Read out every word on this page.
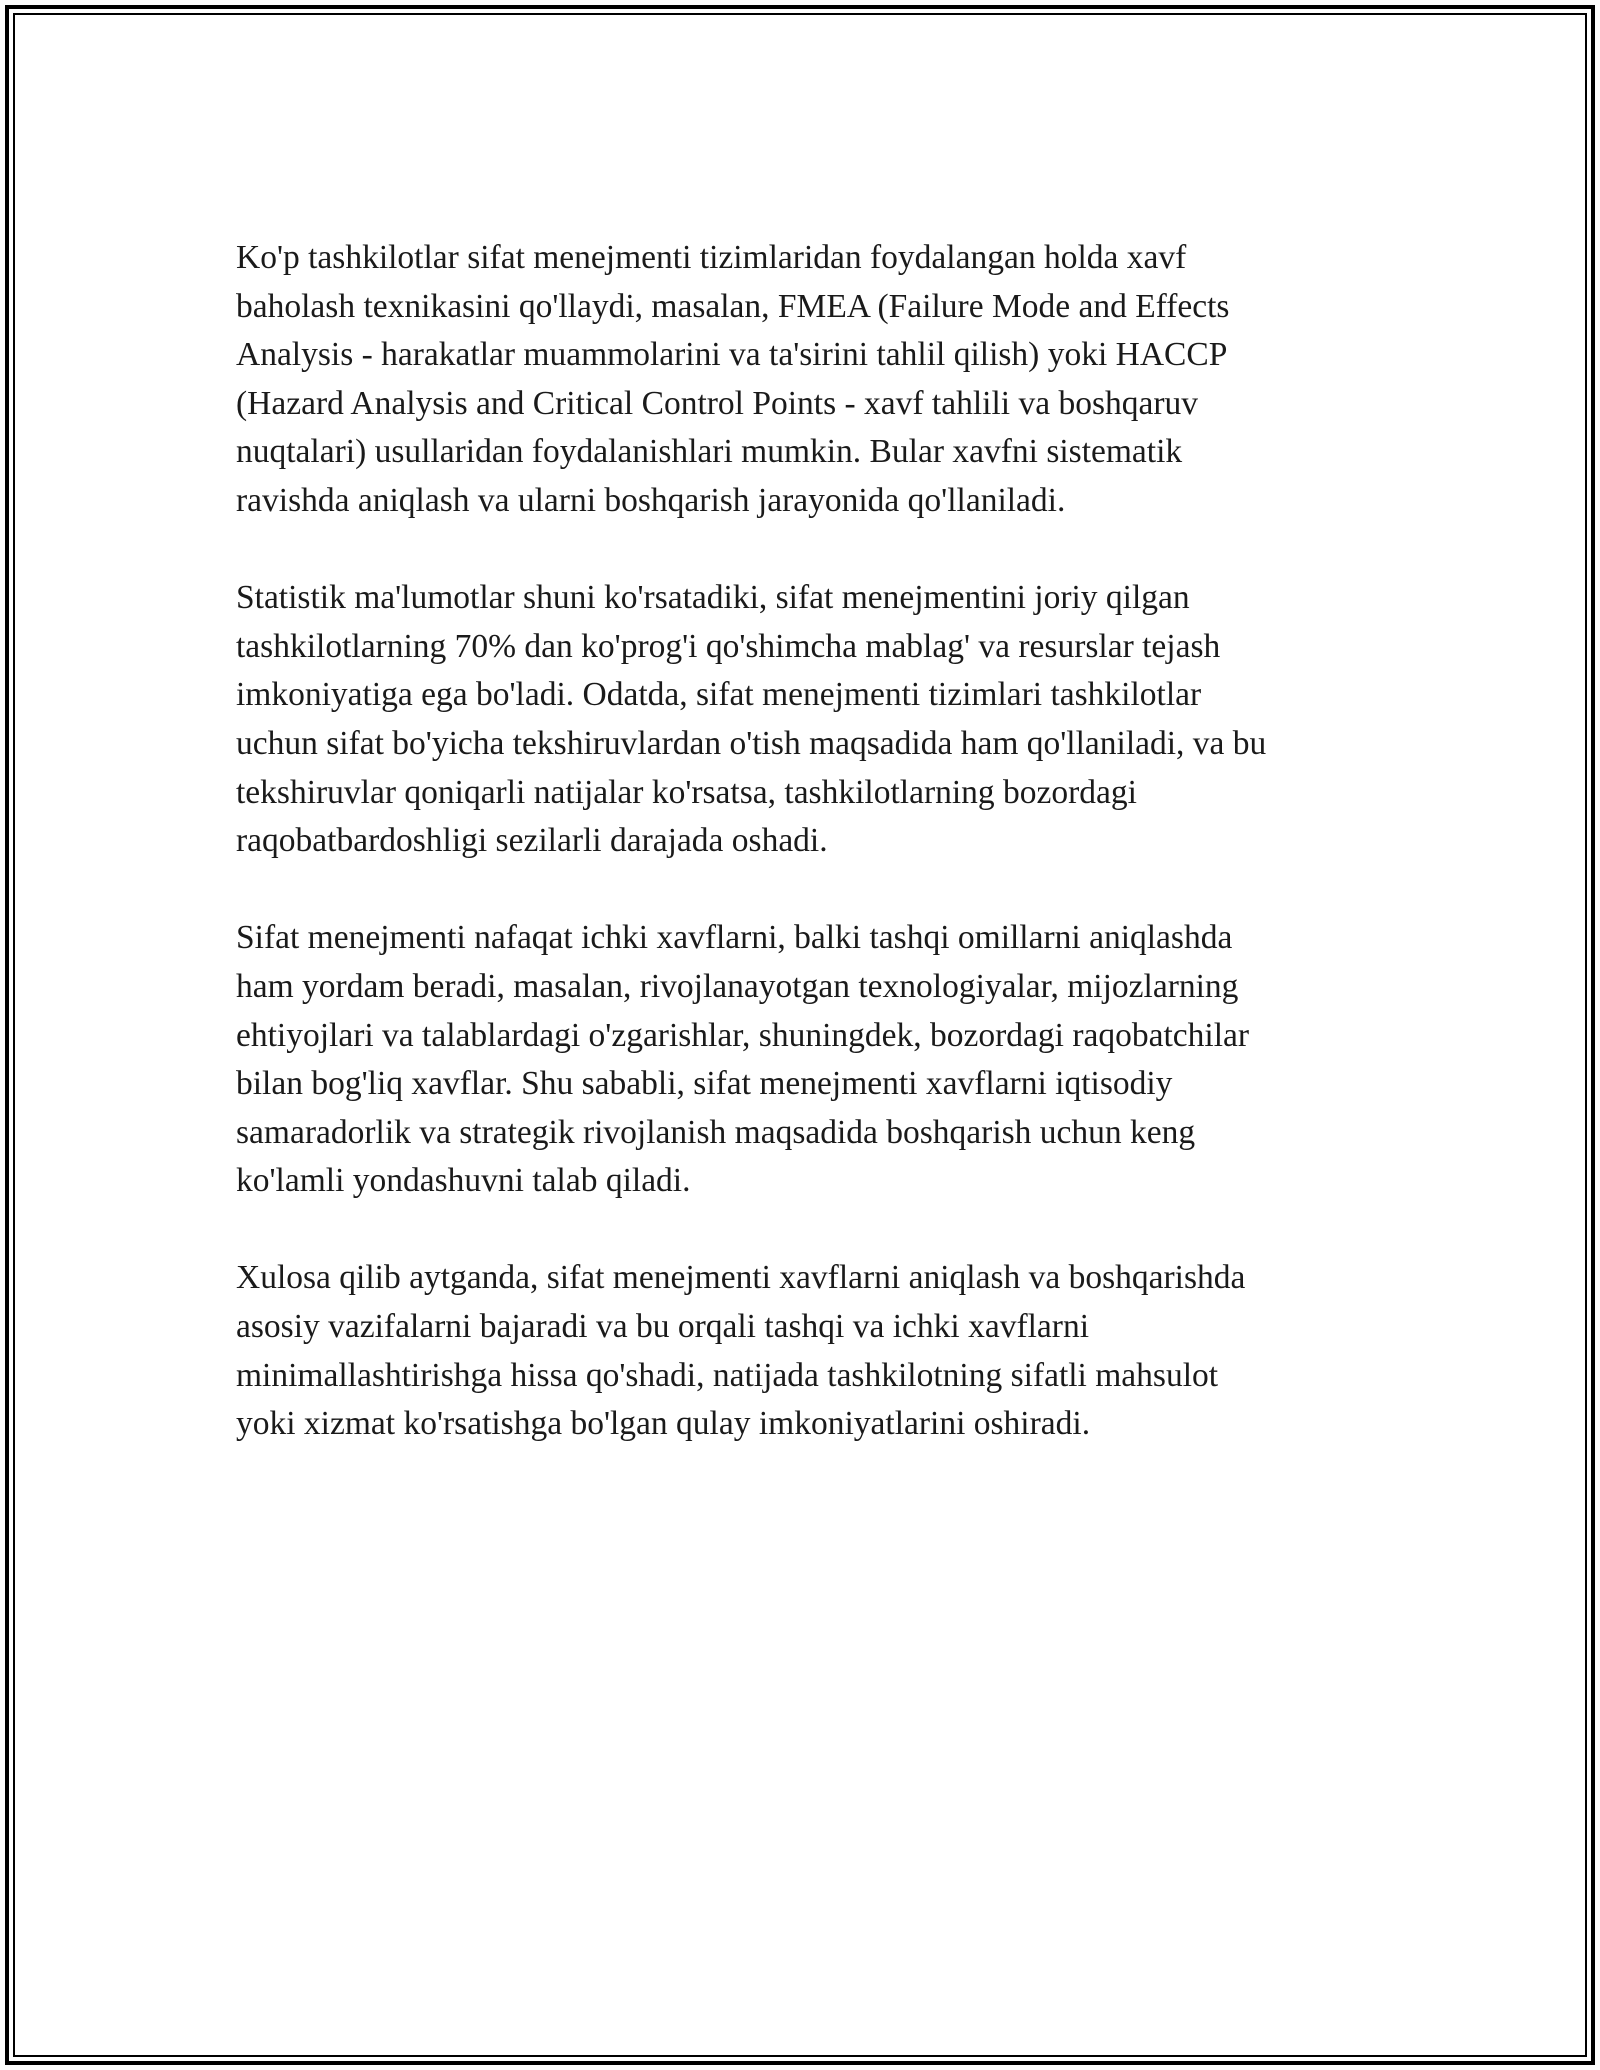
Ko'p tashkilotlar sifat menejmenti tizimlaridan foydalangan holda xavf
baholash texnikasini qo'llaydi, masalan, FMEA (Failure Mode and Effects
Analysis - harakatlar muammolarini va ta'sirini tahlil qilish) yoki HACCP
(Hazard Analysis and Critical Control Points - xavf tahlili va boshqaruv
nuqtalari) usullaridan foydalanishlari mumkin. Bular xavfni sistematik
ravishda aniqlash va ularni boshqarish jarayonida qo'llaniladi.

Statistik ma'lumotlar shuni ko'rsatadiki, sifat menejmentini joriy qilgan
tashkilotlarning 70% dan ko'prog'i qo'shimcha mablag' va resurslar tejash
imkoniyatiga ega bo'ladi. Odatda, sifat menejmenti tizimlari tashkilotlar
uchun sifat bo'yicha tekshiruvlardan o'tish maqsadida ham qo'llaniladi, va bu
tekshiruvlar qoniqarli natijalar ko'rsatsa, tashkilotlarning bozordagi
raqobatbardoshligi sezilarli darajada oshadi.

Sifat menejmenti nafaqat ichki xavflarni, balki tashqi omillarni aniqlashda
ham yordam beradi, masalan, rivojlanayotgan texnologiyalar, mijozlarning
ehtiyojlari va talablardagi o'zgarishlar, shuningdek, bozordagi raqobatchilar
bilan bog'liq xavflar. Shu sababli, sifat menejmenti xavflarni iqtisodiy
samaradorlik va strategik rivojlanish maqsadida boshqarish uchun keng
ko'lamli yondashuvni talab qiladi.

Xulosa qilib aytganda, sifat menejmenti xavflarni aniqlash va boshqarishda
asosiy vazifalarni bajaradi va bu orqali tashqi va ichki xavflarni
minimallashtirishga hissa qo'shadi, natijada tashkilotning sifatli mahsulot
yoki xizmat ko'rsatishga bo'lgan qulay imkoniyatlarini oshiradi.
